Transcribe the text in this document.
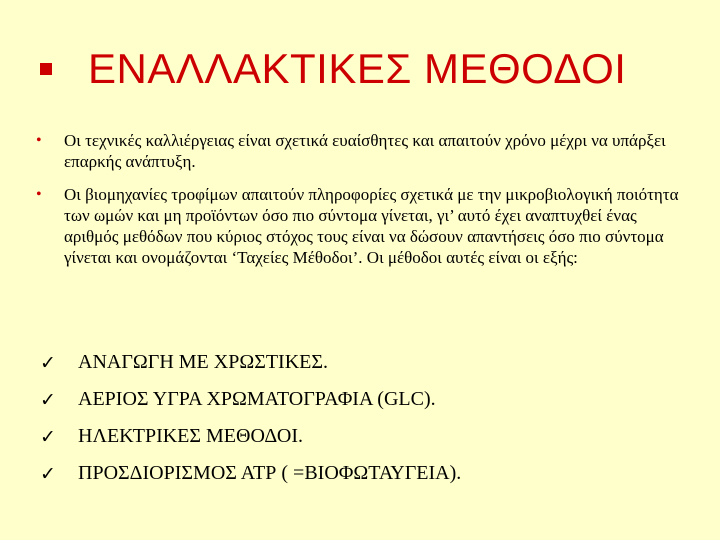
ΕΝΑΛΛΑΚΤΙΚΕΣ ΜΕΘΟΔΟΙ
•	Οι τεχνικές καλλιέργειας είναι σχετικά ευαίσθητες και απαιτούν χρόνο μέχρι να υπάρξει επαρκής ανάπτυξη.
•	Οι βιομηχανίες τροφίμων απαιτούν πληροφορίες σχετικά με την μικροβιολογική ποιότητα των ωμών και μη προϊόντων όσο πιο σύντομα γίνεται, γι’ αυτό έχει αναπτυχθεί ένας αριθμός μεθόδων που κύριος στόχος τους είναι να δώσουν απαντήσεις όσο πιο σύντομα γίνεται και ονομάζονται ‘Ταχείες Μέθοδοι’. Οι μέθοδοι αυτές είναι οι εξής:
✓	ΑΝΑΓΩΓΗ ΜΕ ΧΡΩΣΤΙΚΕΣ.
✓	ΑΕΡΙΟΣ ΥΓΡΑ ΧΡΩΜΑΤΟΓΡΑΦΙΑ (GLC).
✓	ΗΛΕΚΤΡΙΚΕΣ ΜΕΘΟΔΟΙ.
✓	ΠΡΟΣΔΙΟΡΙΣΜΟΣ ΑΤΡ ( =ΒΙΟΦΩΤΑΥΓΕΙΑ).
